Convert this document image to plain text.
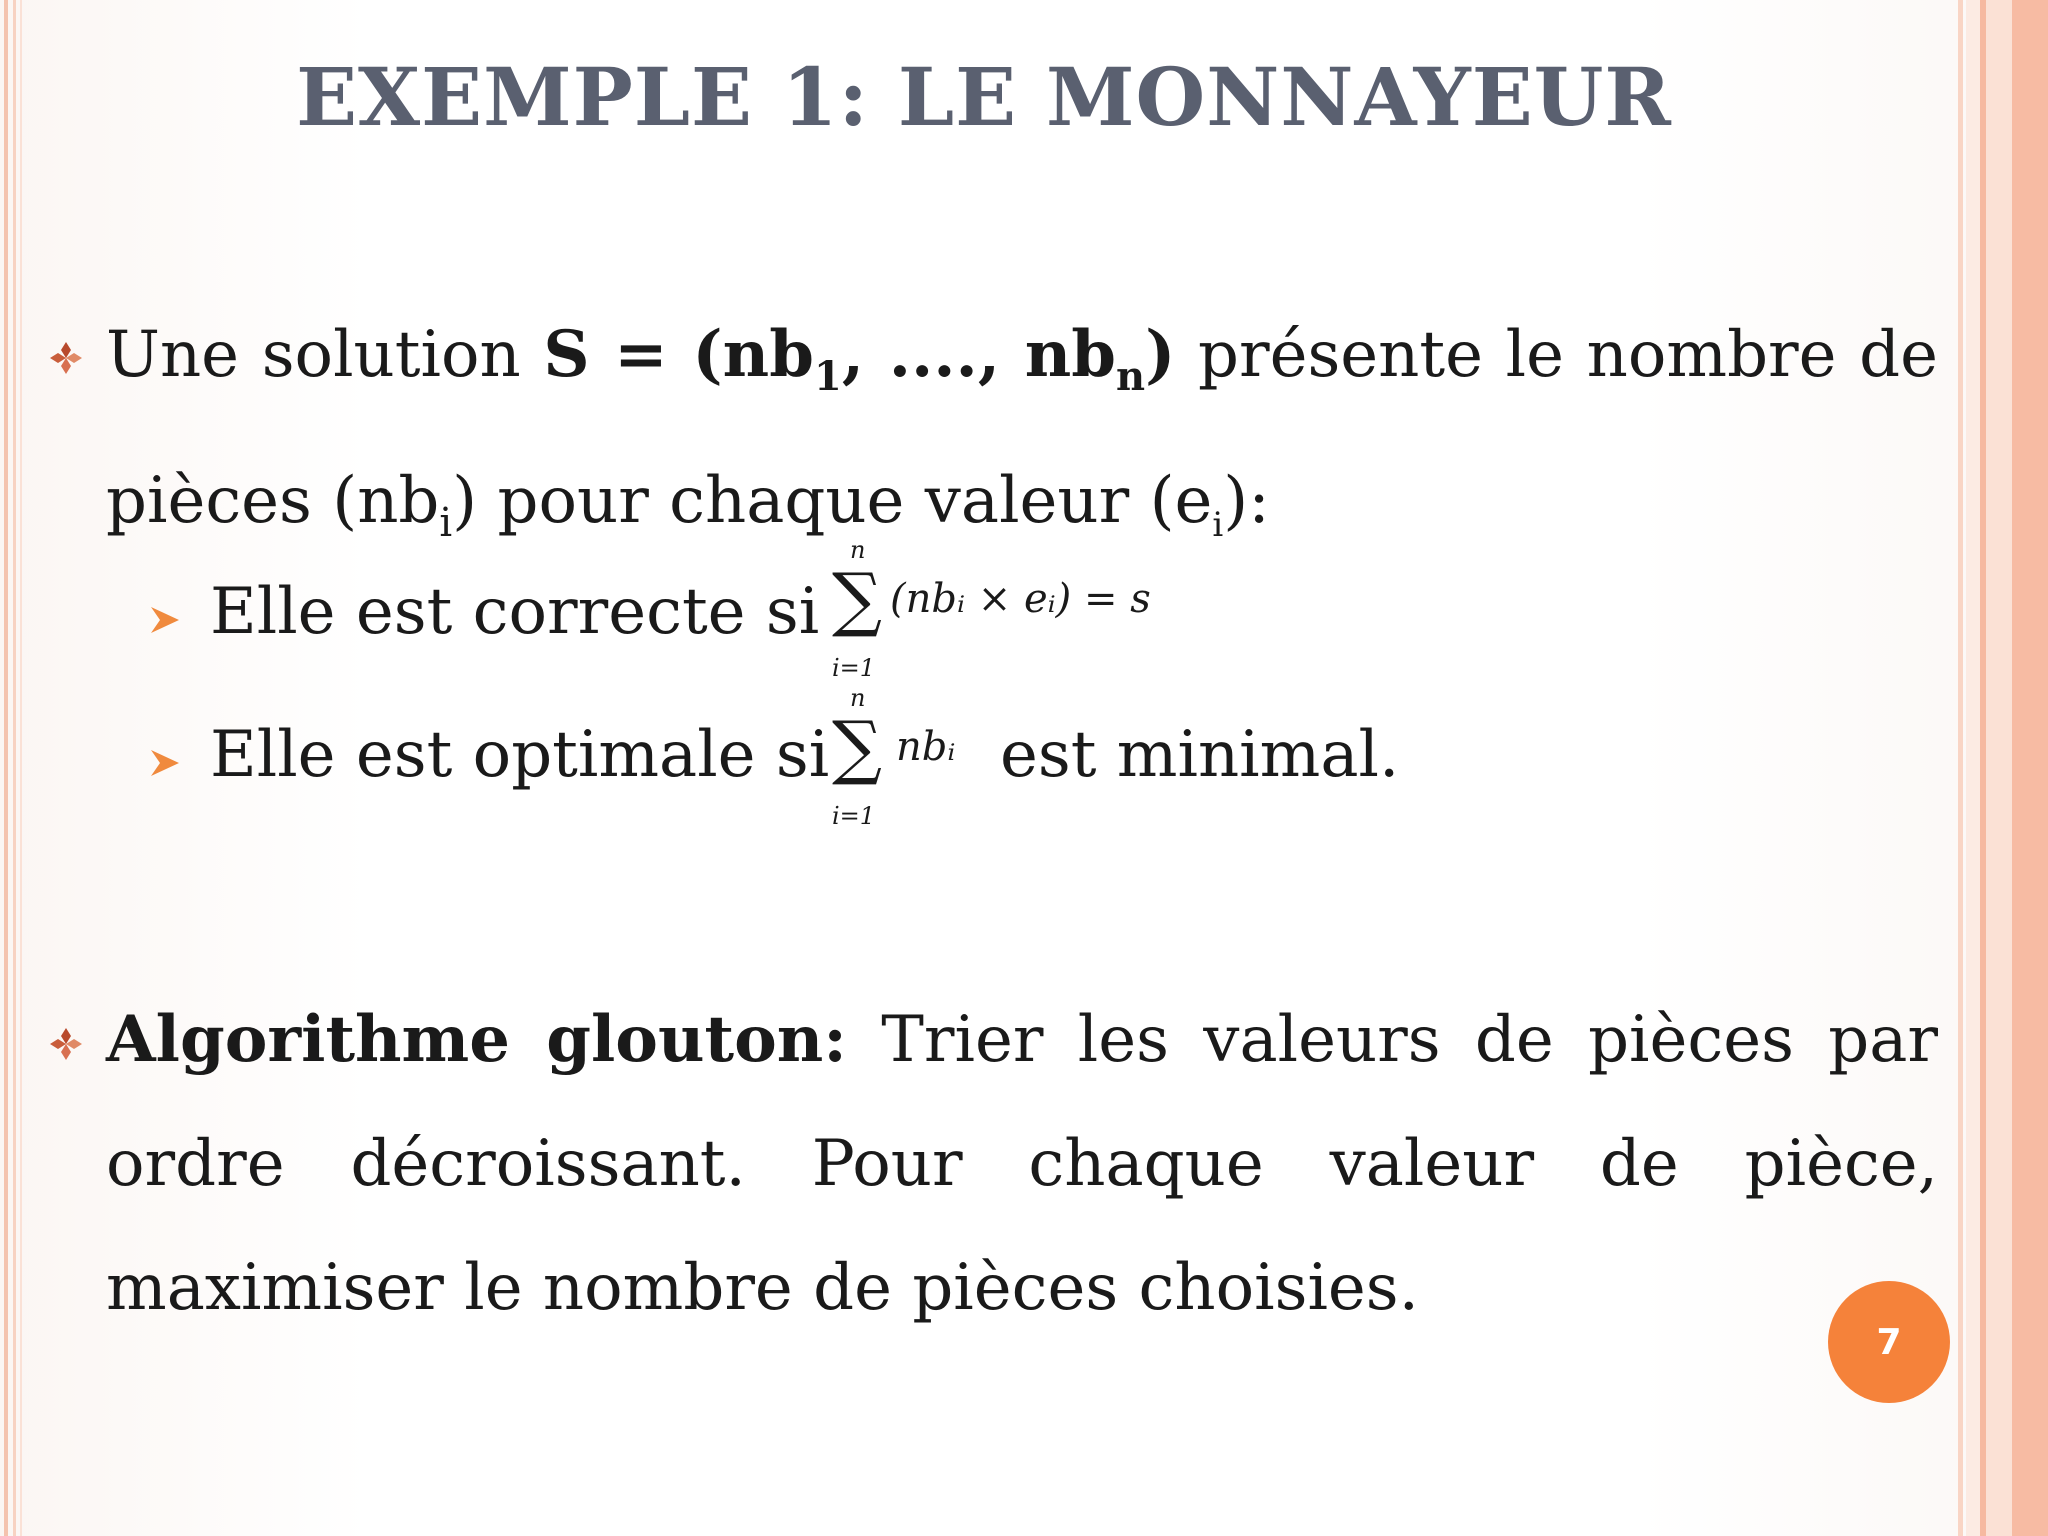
EXEMPLE 1: LE MONNAYEUR
Une solution $S = (nb_1$, ...., $nb_n$) présente le nombre de pièces $(nb_i)$ pour chaque valeur $(e_i)$:
Elle est correcte si
n
∑
i=1
(nbᵢ × eᵢ) = s
Elle est optimale si
n
∑
i=1
nbᵢ est minimal.
Algorithme glouton: Trier les valeurs de pièces par ordre décroissant. Pour chaque valeur de pièce, maximiser le nombre de pièces choisies.
7
